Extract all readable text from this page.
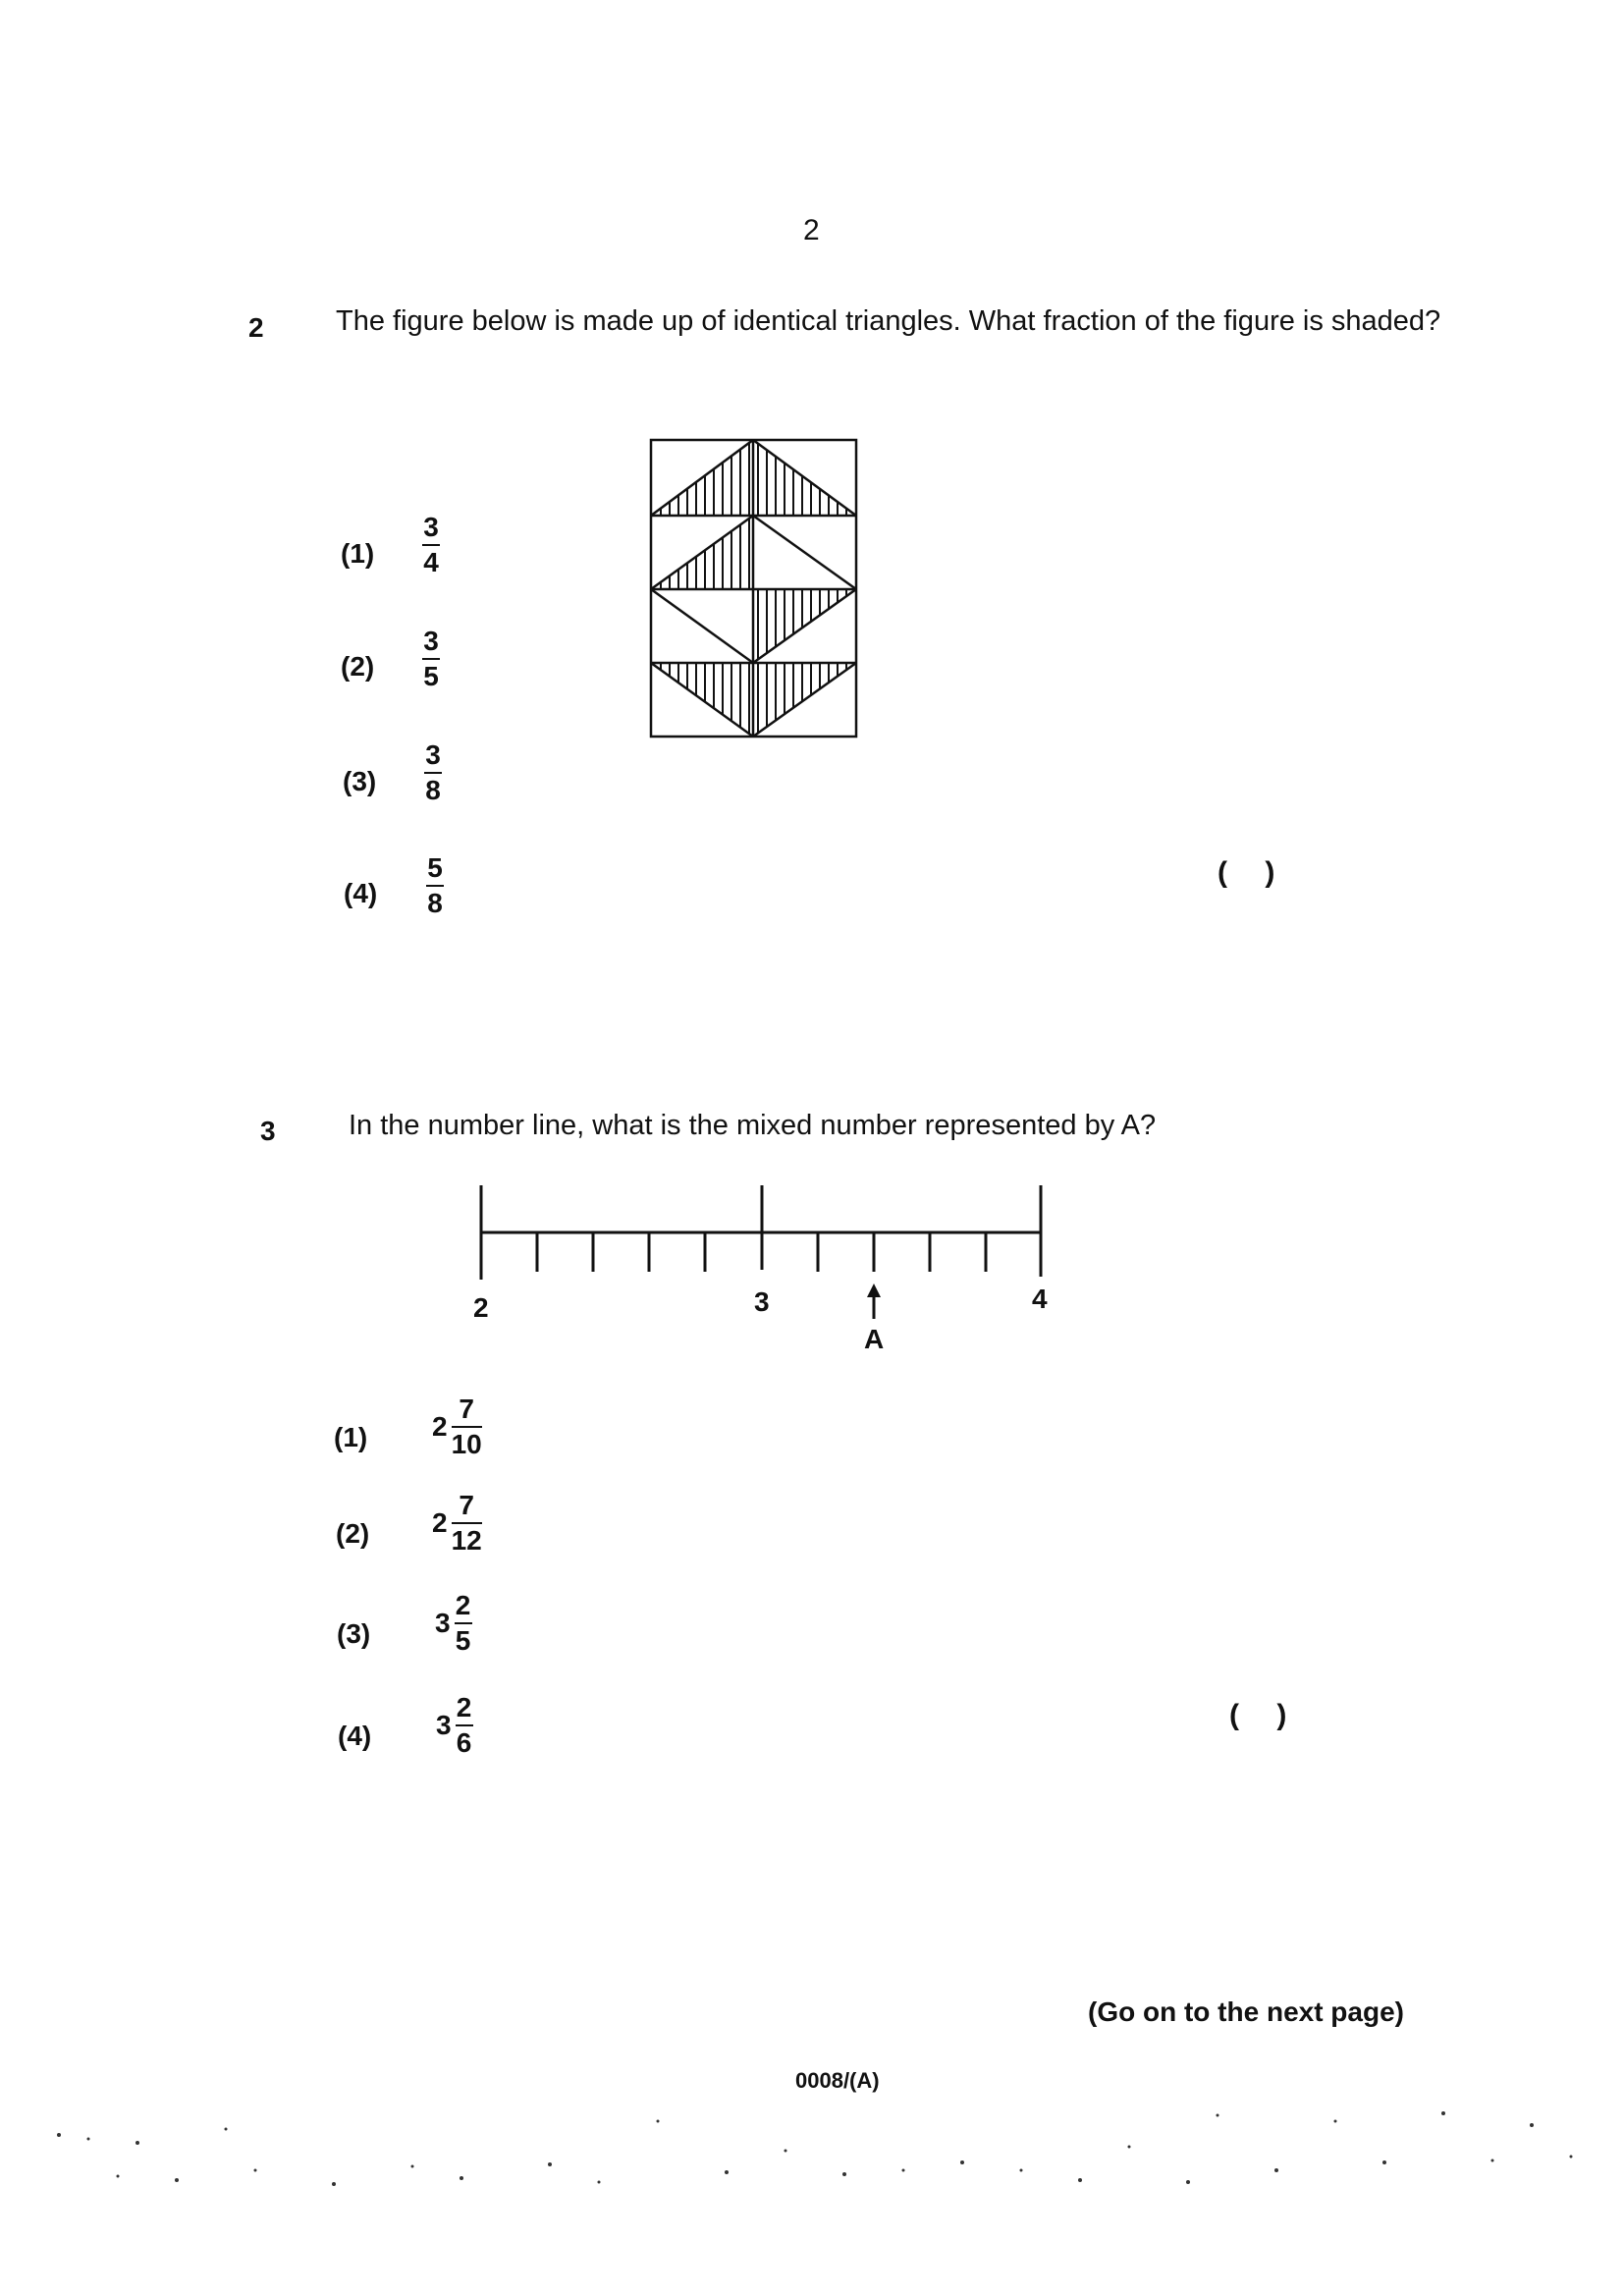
2
2	The figure below is made up of identical triangles. What fraction of the figure is shaded?
(1)
3
4
(2)
3
5
(3)
3
8
(4)
5
8
( )
3	In the number line, what is the mixed number represented by A?
2	3	4
A
(1) $2 \frac{7}{10}$
(2) $2 \frac{7}{12}$
(3) $3 \frac{2}{5}$
(4) $3 \frac{2}{6}$	( )
(Go on to the next page)
0008/(A)
